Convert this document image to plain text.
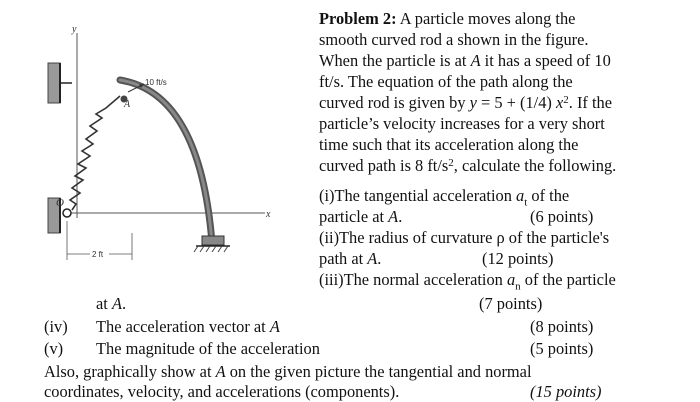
y
x
O
A
10 ft/s
2 ft
Problem 2: A particle moves along the
smooth curved rod a shown in the figure.
When the particle is at A it has a speed of 10
ft/s. The equation of the path along the
curved rod is given by y = 5 + (1/4) $x^2$. If the
particle’s velocity increases for a very short
time such that its acceleration along the
curved path is 8 $ft/s^2$, calculate the following.
(i)The tangential acceleration $a_t$ of the
particle at A.	(6 points)
(ii)The radius of curvature ρ of the particle's
path at A.	(12 points)
(iii)The normal acceleration $a_n$ of the particle
at A.	(7 points)
(iv) The acceleration vector at A	(8 points)
(v) The magnitude of the acceleration	(5 points)
Also, graphically show at A on the given picture the tangential and normal
coordinates, velocity, and accelerations (components).	(15 points)
